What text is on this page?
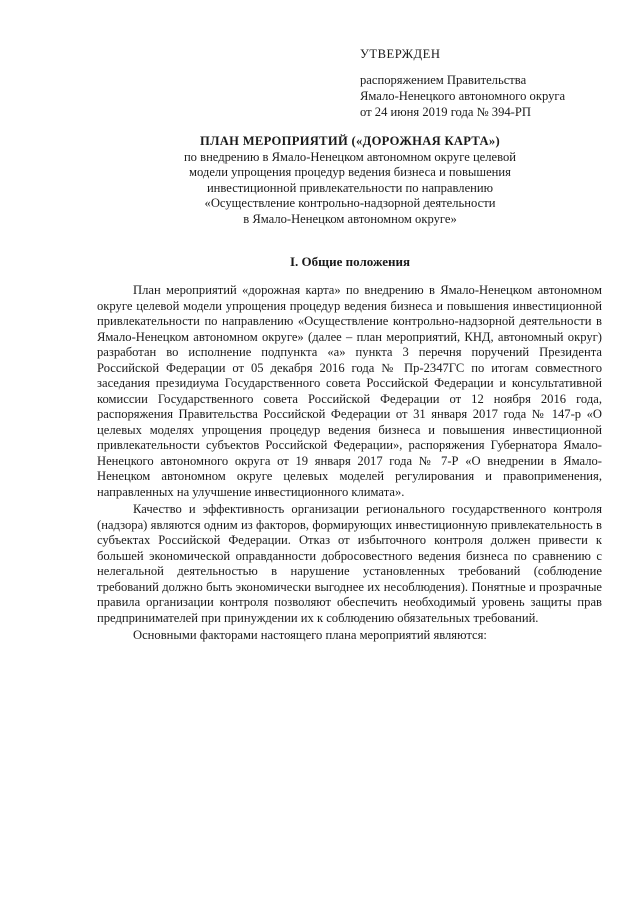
УТВЕРЖДЕН
распоряжением Правительства
Ямало-Ненецкого автономного округа
от 24 июня 2019 года № 394-РП
ПЛАН МЕРОПРИЯТИЙ («ДОРОЖНАЯ КАРТА»)
по внедрению в Ямало-Ненецком автономном округе целевой
модели упрощения процедур ведения бизнеса и повышения
инвестиционной привлекательности по направлению
«Осуществление контрольно-надзорной деятельности
в Ямало-Ненецком автономном округе»
I. Общие положения

План мероприятий «дорожная карта» по внедрению в Ямало-Ненецком автономном округе целевой модели упрощения процедур ведения бизнеса и повышения инвестиционной привлекательности по направлению «Осуществление контрольно-надзорной деятельности в Ямало-Ненецком автономном округе» (далее – план мероприятий, КНД, автономный округ) разработан во исполнение подпункта «а» пункта 3 перечня поручений Президента Российской Федерации от 05 декабря 2016 года № Пр-2347ГС по итогам совместного заседания президиума Государственного совета Российской Федерации и консультативной комиссии Государственного совета Российской Федерации от 12 ноября 2016 года, распоряжения Правительства Российской Федерации от 31 января 2017 года № 147-р «О целевых моделях упрощения процедур ведения бизнеса и повышения инвестиционной привлекательности субъектов Российской Федерации», распоряжения Губернатора Ямало-Ненецкого автономного округа от 19 января 2017 года № 7-Р «О внедрении в Ямало-Ненецком автономном округе целевых моделей регулирования и правоприменения, направленных на улучшение инвестиционного климата».

Качество и эффективность организации регионального государственного контроля (надзора) являются одним из факторов, формирующих инвестиционную привлекательность в субъектах Российской Федерации. Отказ от избыточного контроля должен привести к большей экономической оправданности добросовестного ведения бизнеса по сравнению с нелегальной деятельностью в нарушение установленных требований (соблюдение требований должно быть экономически выгоднее их несоблюдения). Понятные и прозрачные правила организации контроля позволяют обеспечить необходимый уровень защиты прав предпринимателей при принуждении их к соблюдению обязательных требований.

Основными факторами настоящего плана мероприятий являются:
